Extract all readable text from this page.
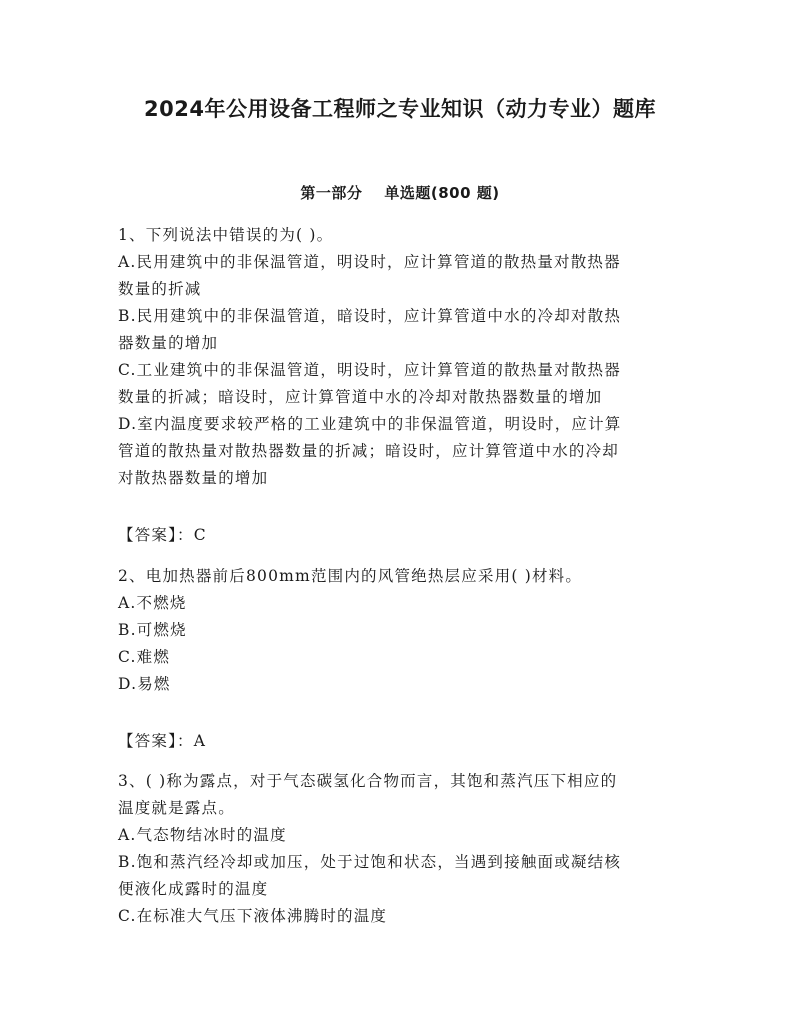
2024年公用设备工程师之专业知识（动力专业）题库
第一部分 单选题(800 题)
1、下列说法中错误的为( )。
A.民用建筑中的非保温管道，明设时，应计算管道的散热量对散热器
数量的折减
B.民用建筑中的非保温管道，暗设时，应计算管道中水的冷却对散热
器数量的增加
C.工业建筑中的非保温管道，明设时，应计算管道的散热量对散热器
数量的折减；暗设时，应计算管道中水的冷却对散热器数量的增加
D.室内温度要求较严格的工业建筑中的非保温管道，明设时，应计算
管道的散热量对散热器数量的折减；暗设时，应计算管道中水的冷却
对散热器数量的增加
【答案】：C
2、电加热器前后800mm范围内的风管绝热层应采用( )材料。
A.不燃烧
B.可燃烧
C.难燃
D.易燃
【答案】：A
3、( )称为露点，对于气态碳氢化合物而言，其饱和蒸汽压下相应的
温度就是露点。
A.气态物结冰时的温度
B.饱和蒸汽经冷却或加压，处于过饱和状态，当遇到接触面或凝结核
便液化成露时的温度
C.在标准大气压下液体沸腾时的温度
